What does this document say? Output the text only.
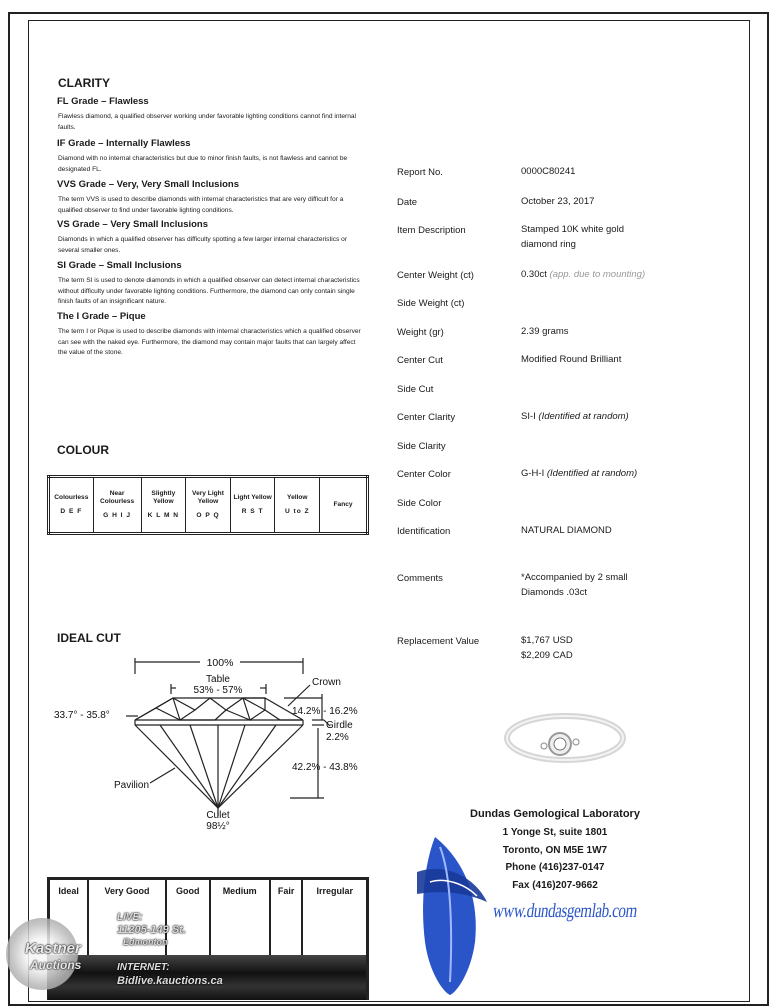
CLARITY
FL Grade – Flawless
Flawless diamond, a qualified observer working under favorable lighting conditions cannot find internal faults.
IF Grade – Internally Flawless
Diamond with no internal characteristics but due to minor finish faults, is not flawless and cannot be designated FL.
VVS Grade – Very, Very Small Inclusions
The term VVS is used to describe diamonds with internal characteristics that are very difficult for a qualified observer to find under favorable lighting conditions.
VS Grade – Very Small Inclusions
Diamonds in which a qualified observer has difficulty spotting a few larger internal characteristics or several smaller ones.
SI Grade – Small Inclusions
The term SI is used to denote diamonds in which a qualified observer can detect internal characteristics without difficulty under favorable lighting conditions. Furthermore, the diamond can only contain single finish faults of an insignificant nature.
The I Grade – Pique
The term I or Pique is used to describe diamonds with internal characteristics which a qualified observer can see with the naked eye. Furthermore, the diamond may contain major faults that can largely affect the value of the stone.
COLOUR
Colourless
D E F
	Near Colourless
G H I J
	Slightly Yellow
K L M N
	Very Light Yellow
O P Q
	Light Yellow
R S T
	Yellow
U to Z
	Fancy
IDEAL CUT
100%
Table
53% - 57%
Crown
33.7° - 35.8°	14.2% - 16.2%
Girdle
2.2%
42.2% - 43.8%
Pavilion
Culet
98½°
Ideal	Very Good	Good	Medium	Fair	Irregular
Report No.	0000C80241
Date	October 23, 2017
Item Description	Stamped 10K white gold
diamond ring
Center Weight (ct)	0.30ct (app. due to mounting)
Side Weight (ct)
Weight (gr)	2.39 grams
Center Cut	Modified Round Brilliant
Side Cut
Center Clarity	SI-I (Identified at random)
Side Clarity
Center Color	G-H-I (Identified at random)
Side Color
Identification	NATURAL DIAMOND
Comments	*Accompanied by 2 small
Diamonds .03ct
Replacement Value	$1,767 USD
$2,209 CAD
Dundas Gemological Laboratory
1 Yonge St, suite 1801
Toronto, ON M5E 1W7
Phone (416)237-0147
Fax (416)207-9662
www.dundasgemlab.com
Kastner
Auctions
LIVE:
11205-149 St.
Edmonton
INTERNET:
Bidlive.kauctions.ca
